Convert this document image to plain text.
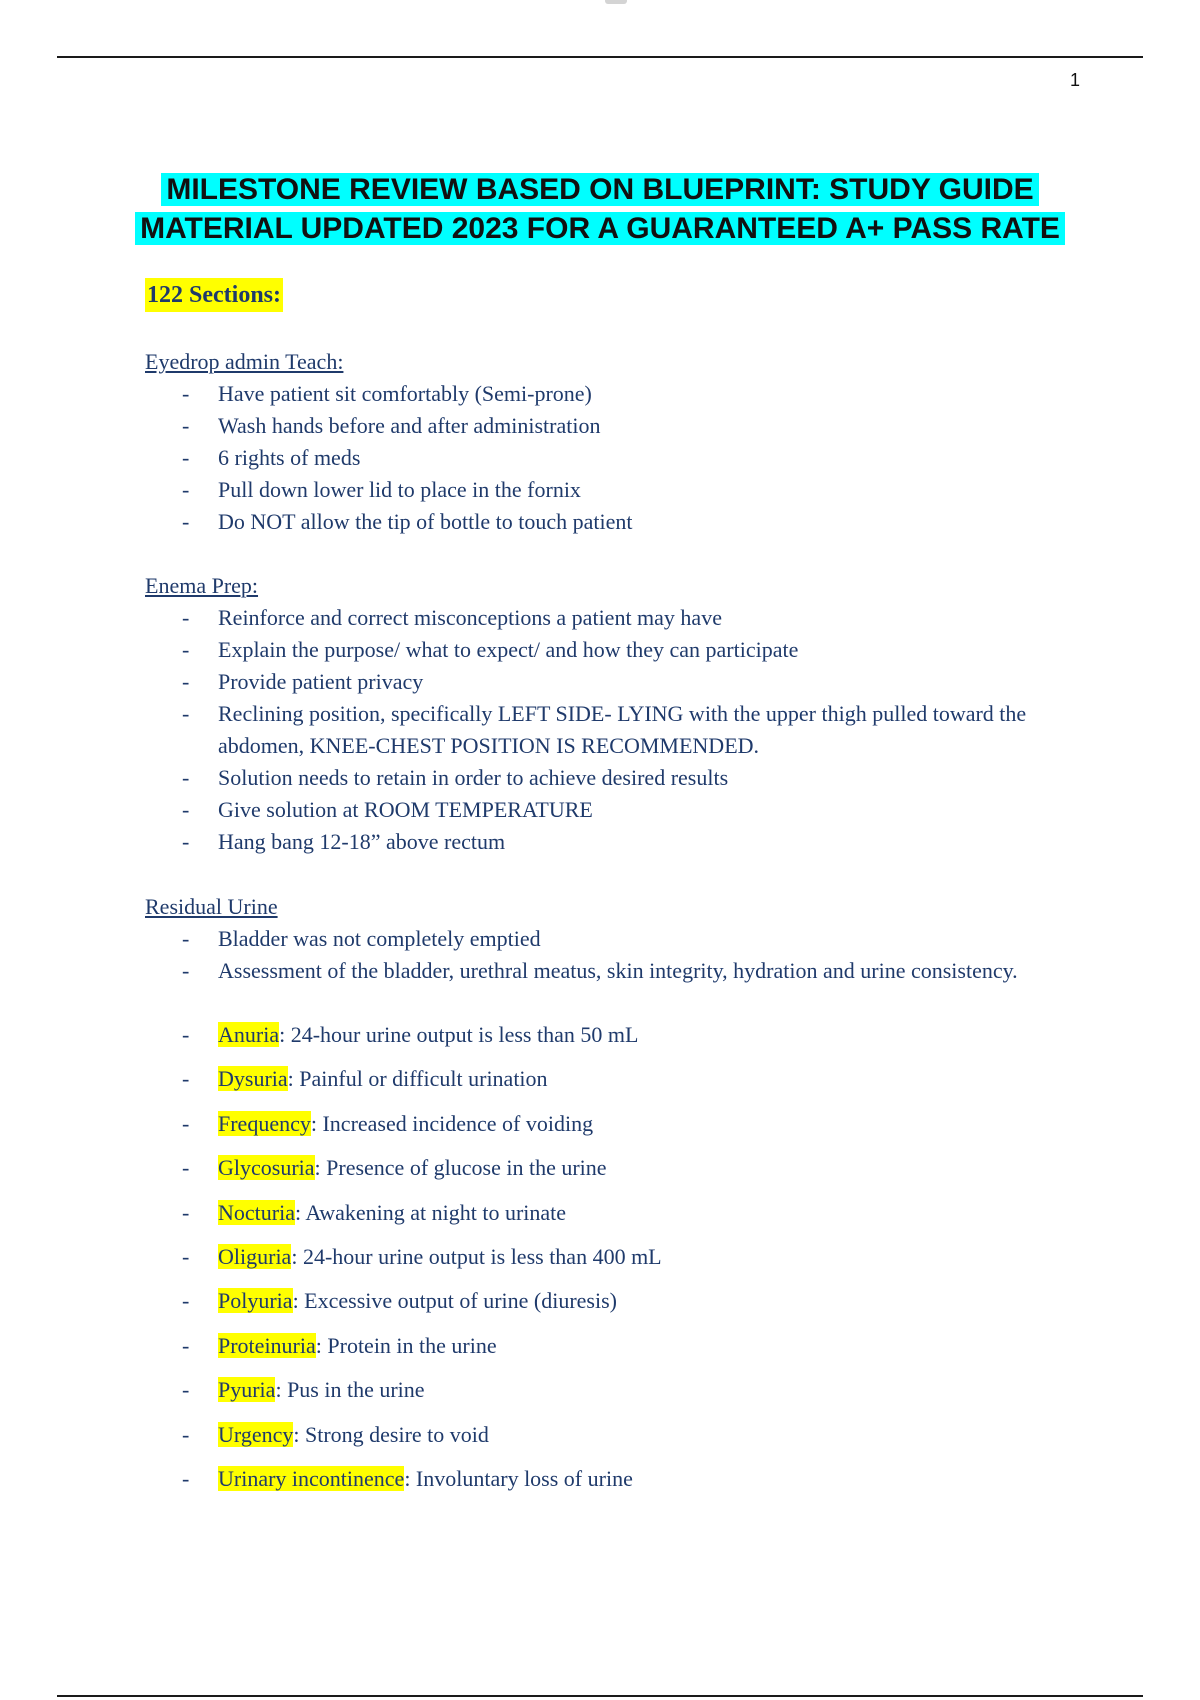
1
MILESTONE REVIEW BASED ON BLUEPRINT: STUDY GUIDE
MATERIAL UPDATED 2023 FOR A GUARANTEED A+ PASS RATE
122 Sections:
Eyedrop admin Teach:
- Have patient sit comfortably (Semi-prone)
- Wash hands before and after administration
- 6 rights of meds
- Pull down lower lid to place in the fornix
- Do NOT allow the tip of bottle to touch patient
Enema Prep:
- Reinforce and correct misconceptions a patient may have
- Explain the purpose/ what to expect/ and how they can participate
- Provide patient privacy
- Reclining position, specifically LEFT SIDE- LYING with the upper thigh pulled toward the abdomen, KNEE-CHEST POSITION IS RECOMMENDED.
- Solution needs to retain in order to achieve desired results
- Give solution at ROOM TEMPERATURE
- Hang bang 12-18” above rectum
Residual Urine
- Bladder was not completely emptied
- Assessment of the bladder, urethral meatus, skin integrity, hydration and urine consistency.
- Anuria: 24-hour urine output is less than 50 mL
- Dysuria: Painful or difficult urination
- Frequency: Increased incidence of voiding
- Glycosuria: Presence of glucose in the urine
- Nocturia: Awakening at night to urinate
- Oliguria: 24-hour urine output is less than 400 mL
- Polyuria: Excessive output of urine (diuresis)
- Proteinuria: Protein in the urine
- Pyuria: Pus in the urine
- Urgency: Strong desire to void
- Urinary incontinence: Involuntary loss of urine
